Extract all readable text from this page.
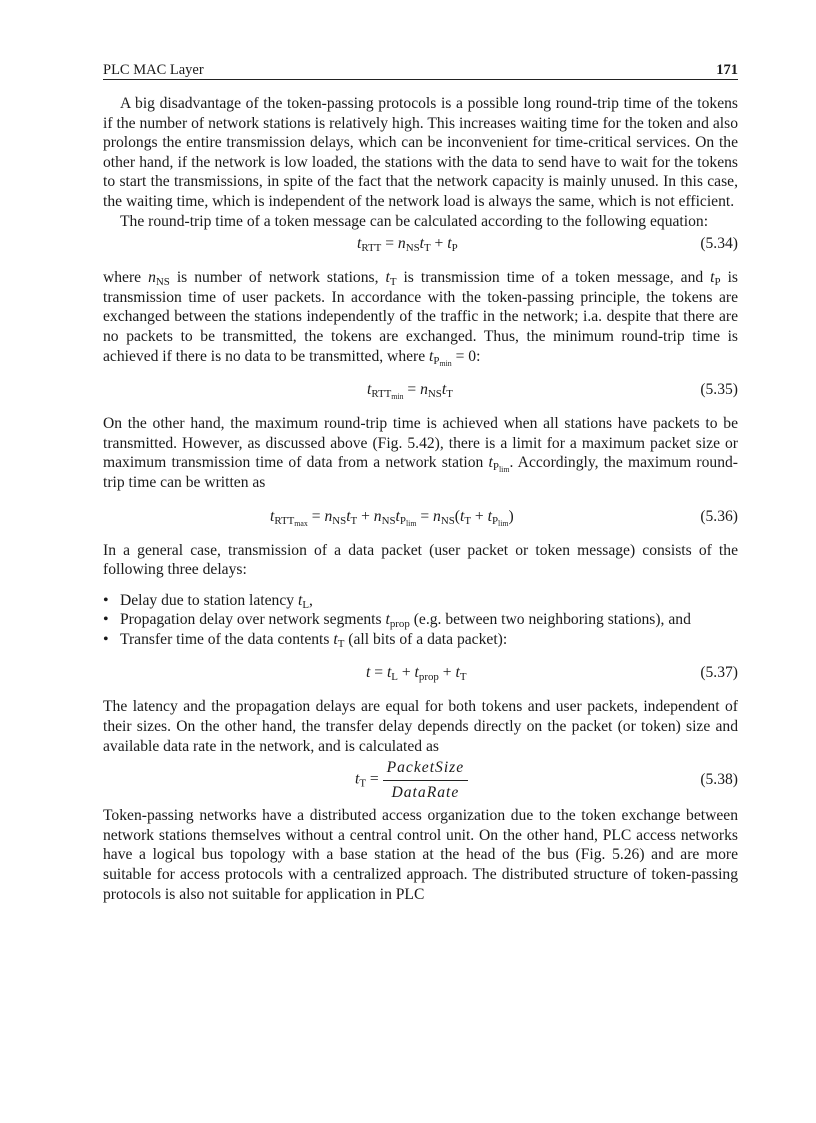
PLC MAC Layer	171

A big disadvantage of the token-passing protocols is a possible long round-trip time of the tokens if the number of network stations is relatively high. This increases waiting time for the token and also prolongs the entire transmission delays, which can be inconvenient for time-critical services. On the other hand, if the network is low loaded, the stations with the data to send have to wait for the tokens to start the transmissions, in spite of the fact that the network capacity is mainly unused. In this case, the waiting time, which is independent of the network load is always the same, which is not efficient.

The round-trip time of a token message can be calculated according to the following equation:

$t_{RTT} = n_{NS}t_T + t_P$	(5.34)

where $n_{NS}$ is number of network stations, $t_T$ is transmission time of a token message, and $t_P$ is transmission time of user packets. In accordance with the token-passing principle, the tokens are exchanged between the stations independently of the traffic in the network; i.a. despite that there are no packets to be transmitted, the tokens are exchanged. Thus, the minimum round-trip time is achieved if there is no data to be transmitted, where $t_{P_{min}} = 0$:

$t_{RTT_{min}} = n_{NS}t_T$	(5.35)

On the other hand, the maximum round-trip time is achieved when all stations have packets to be transmitted. However, as discussed above (Fig. 5.42), there is a limit for a maximum packet size or maximum transmission time of data from a network station $t_{P_{lim}}$. Accordingly, the maximum round-trip time can be written as

$t_{RTT_{max}} = n_{NS}t_T + n_{NS}t_{P_{lim}} = n_{NS}(t_T + t_{P_{lim}})$	(5.36)

In a general case, transmission of a data packet (user packet or token message) consists of the following three delays:

• Delay due to station latency $t_L$,
• Propagation delay over network segments $t_{prop}$ (e.g. between two neighboring stations), and
• Transfer time of the data contents $t_T$ (all bits of a data packet):
$t = t_L + t_{prop} + t_T$	(5.37)

The latency and the propagation delays are equal for both tokens and user packets, independent of their sizes. On the other hand, the transfer delay depends directly on the packet (or token) size and available data rate in the network, and is calculated as

$t_T = \frac{\text{PacketSize}}{\text{DataRate}}$	(5.38)

Token-passing networks have a distributed access organization due to the token exchange between network stations themselves without a central control unit. On the other hand, PLC access networks have a logical bus topology with a base station at the head of the bus (Fig. 5.26) and are more suitable for access protocols with a centralized approach. The distributed structure of token-passing protocols is also not suitable for application in PLC
